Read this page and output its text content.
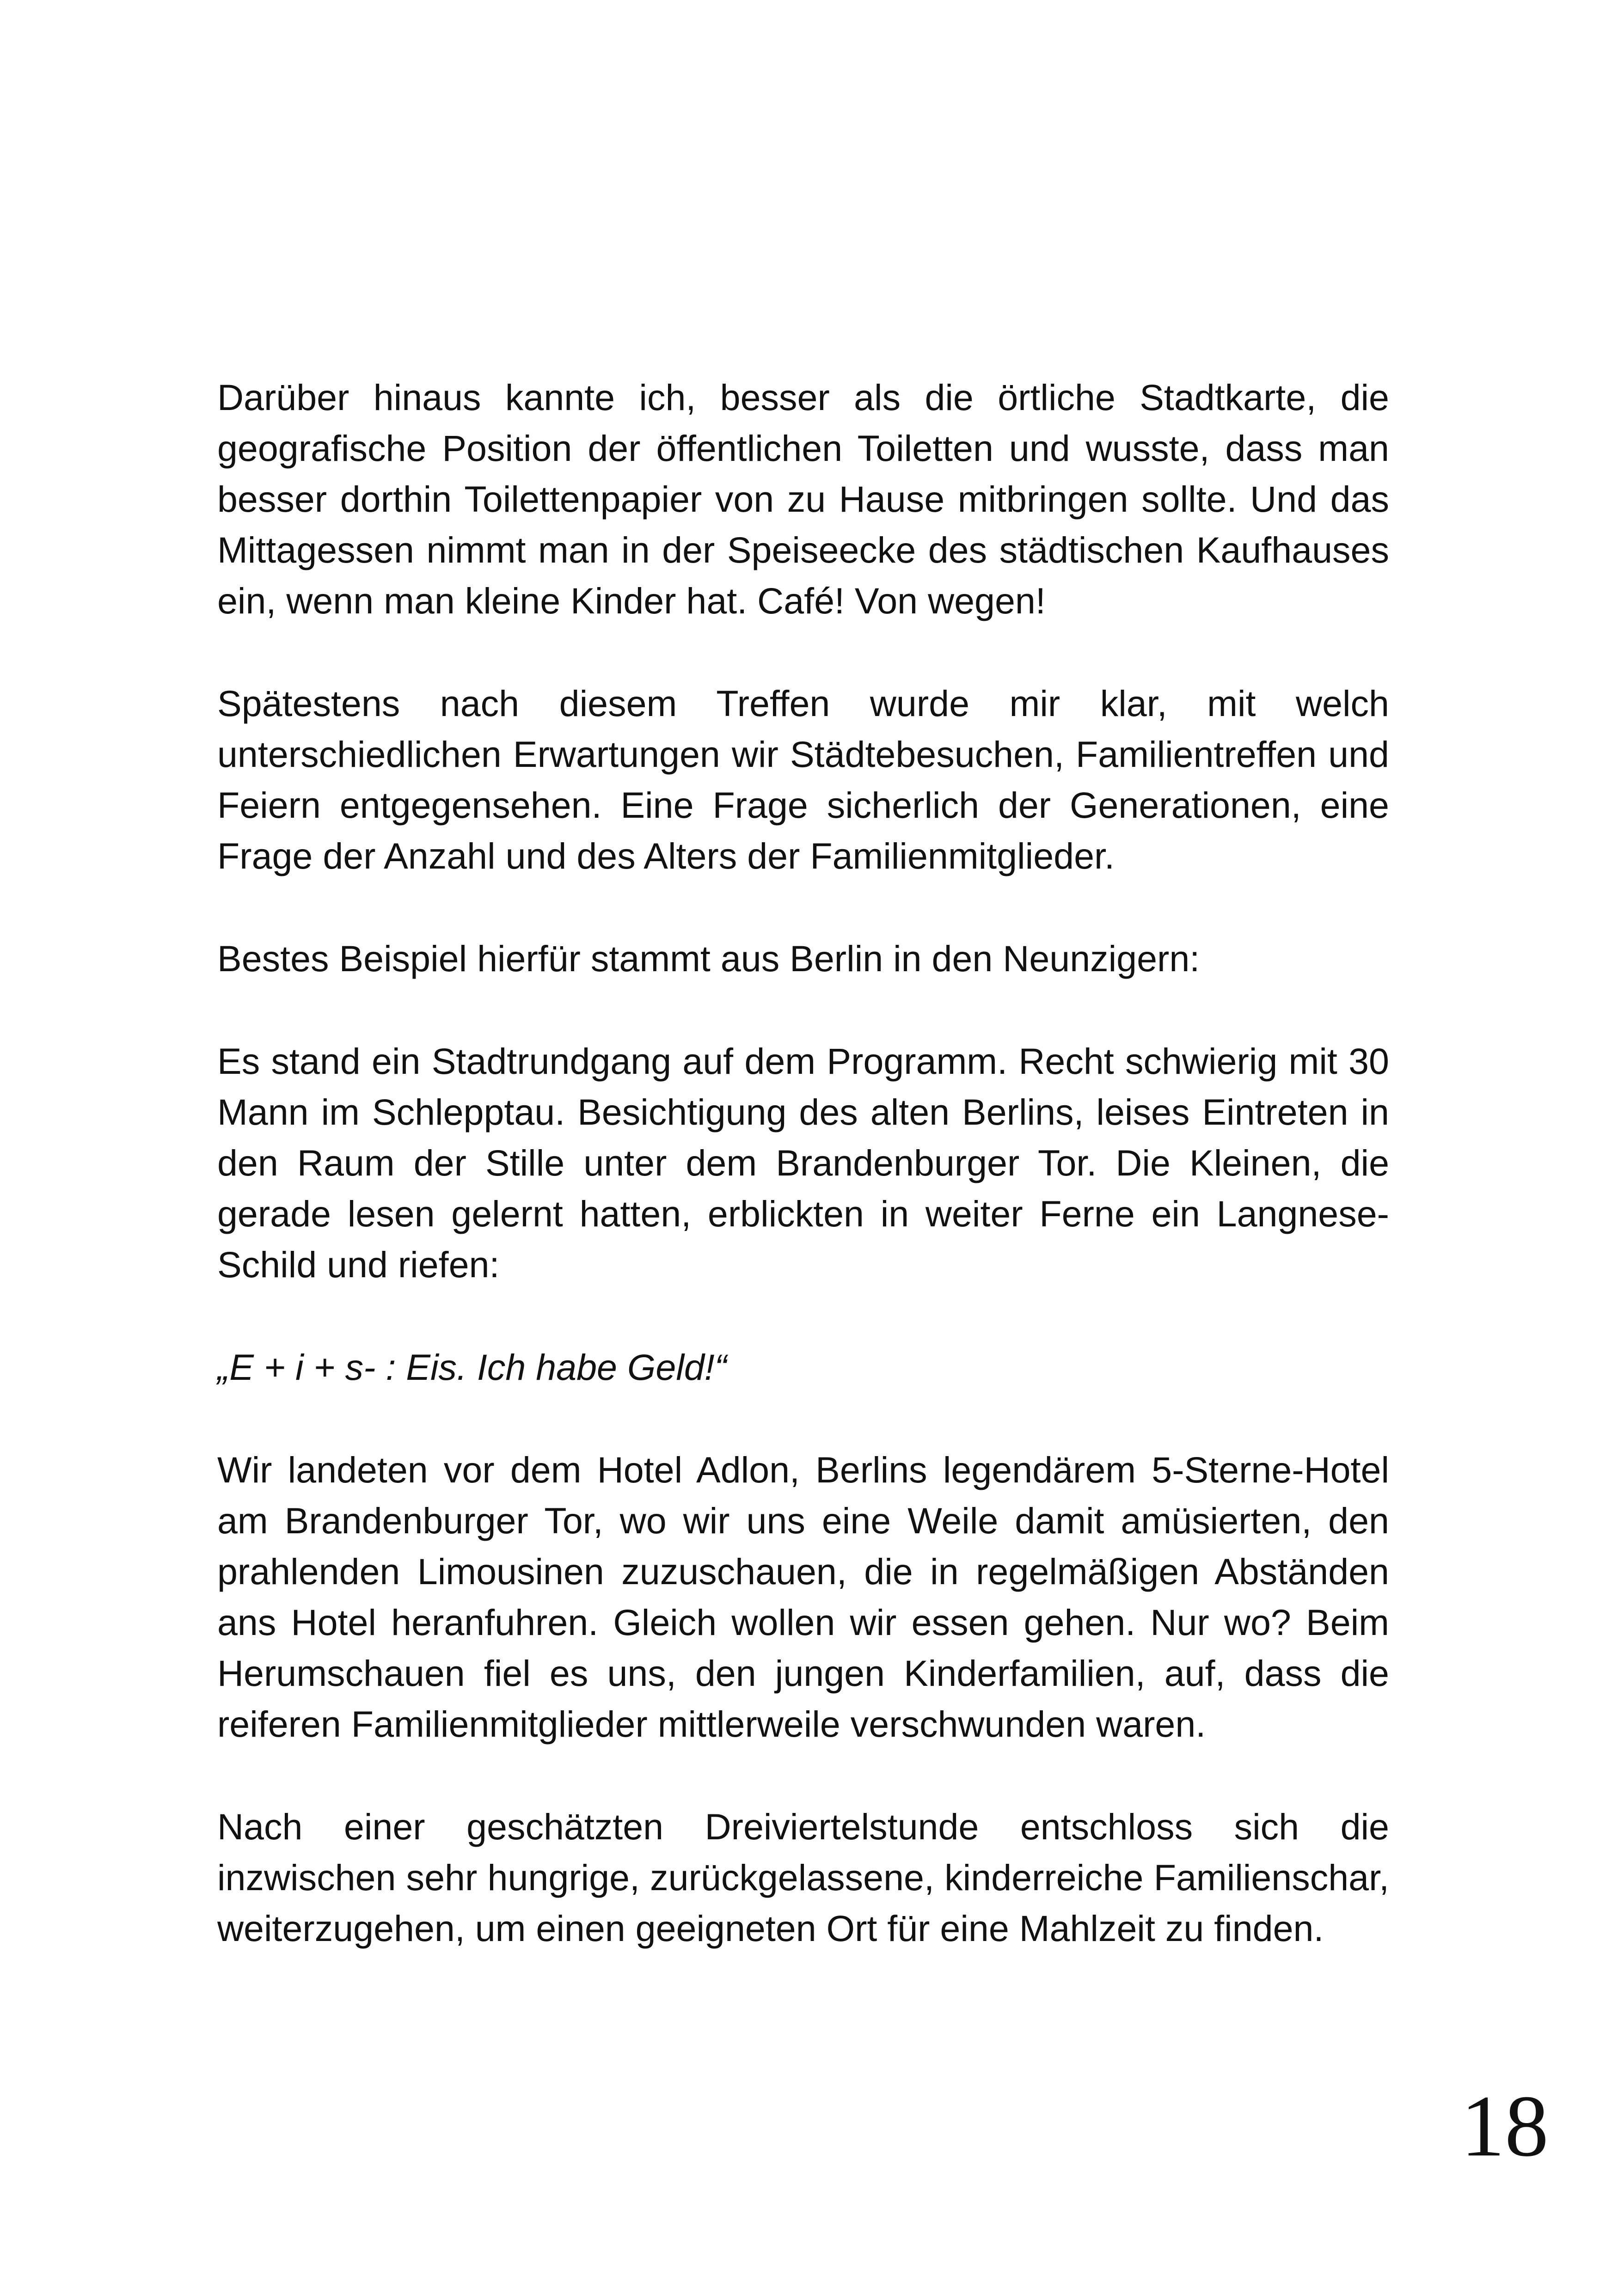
Darüber hinaus kannte ich, besser als die örtliche Stadtkarte, die geografische Position der öffentlichen Toiletten und wusste, dass man besser dorthin Toilettenpapier von zu Hause mitbringen sollte. Und das Mittagessen nimmt man in der Speiseecke des städtischen Kaufhauses ein, wenn man kleine Kinder hat. Café! Von wegen!

Spätestens nach diesem Treffen wurde mir klar, mit welch unterschiedlichen Erwartungen wir Städtebesuchen, Familientreffen und Feiern entgegensehen. Eine Frage sicherlich der Generationen, eine Frage der Anzahl und des Alters der Familienmitglieder.

Bestes Beispiel hierfür stammt aus Berlin in den Neunzigern:

Es stand ein Stadtrundgang auf dem Programm. Recht schwierig mit 30 Mann im Schlepptau. Besichtigung des alten Berlins, leises Eintreten in den Raum der Stille unter dem Brandenburger Tor. Die Kleinen, die gerade lesen gelernt hatten, erblickten in weiter Ferne ein Langnese-Schild und riefen:

„E + i + s- : Eis. Ich habe Geld!“

Wir landeten vor dem Hotel Adlon, Berlins legendärem 5-Sterne-Hotel am Brandenburger Tor, wo wir uns eine Weile damit amüsierten, den prahlenden Limousinen zuzuschauen, die in regelmäßigen Abständen ans Hotel heranfuhren. Gleich wollen wir essen gehen. Nur wo? Beim Herumschauen fiel es uns, den jungen Kinderfamilien, auf, dass die reiferen Familienmitglieder mittlerweile verschwunden waren.

Nach einer geschätzten Dreiviertelstunde entschloss sich die inzwischen sehr hungrige, zurückgelassene, kinderreiche Familienschar, weiterzugehen, um einen geeigneten Ort für eine Mahlzeit zu finden.

18
